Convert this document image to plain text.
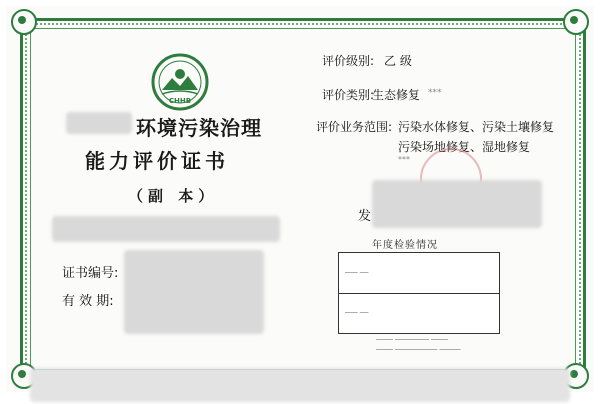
CHHB
环境污染治理
能力评价证书
（副 本）
证书编号:
有 效 期:
评价级别: 乙 级
评价类别:
生态修复 ***
评价业务范围: 污染水体修复、污染土壤修复
污染场地修复、湿地修复
***
发
年度检验情况
─── ──
─── ──
──── ──────── ────
──── ────────── ─────
